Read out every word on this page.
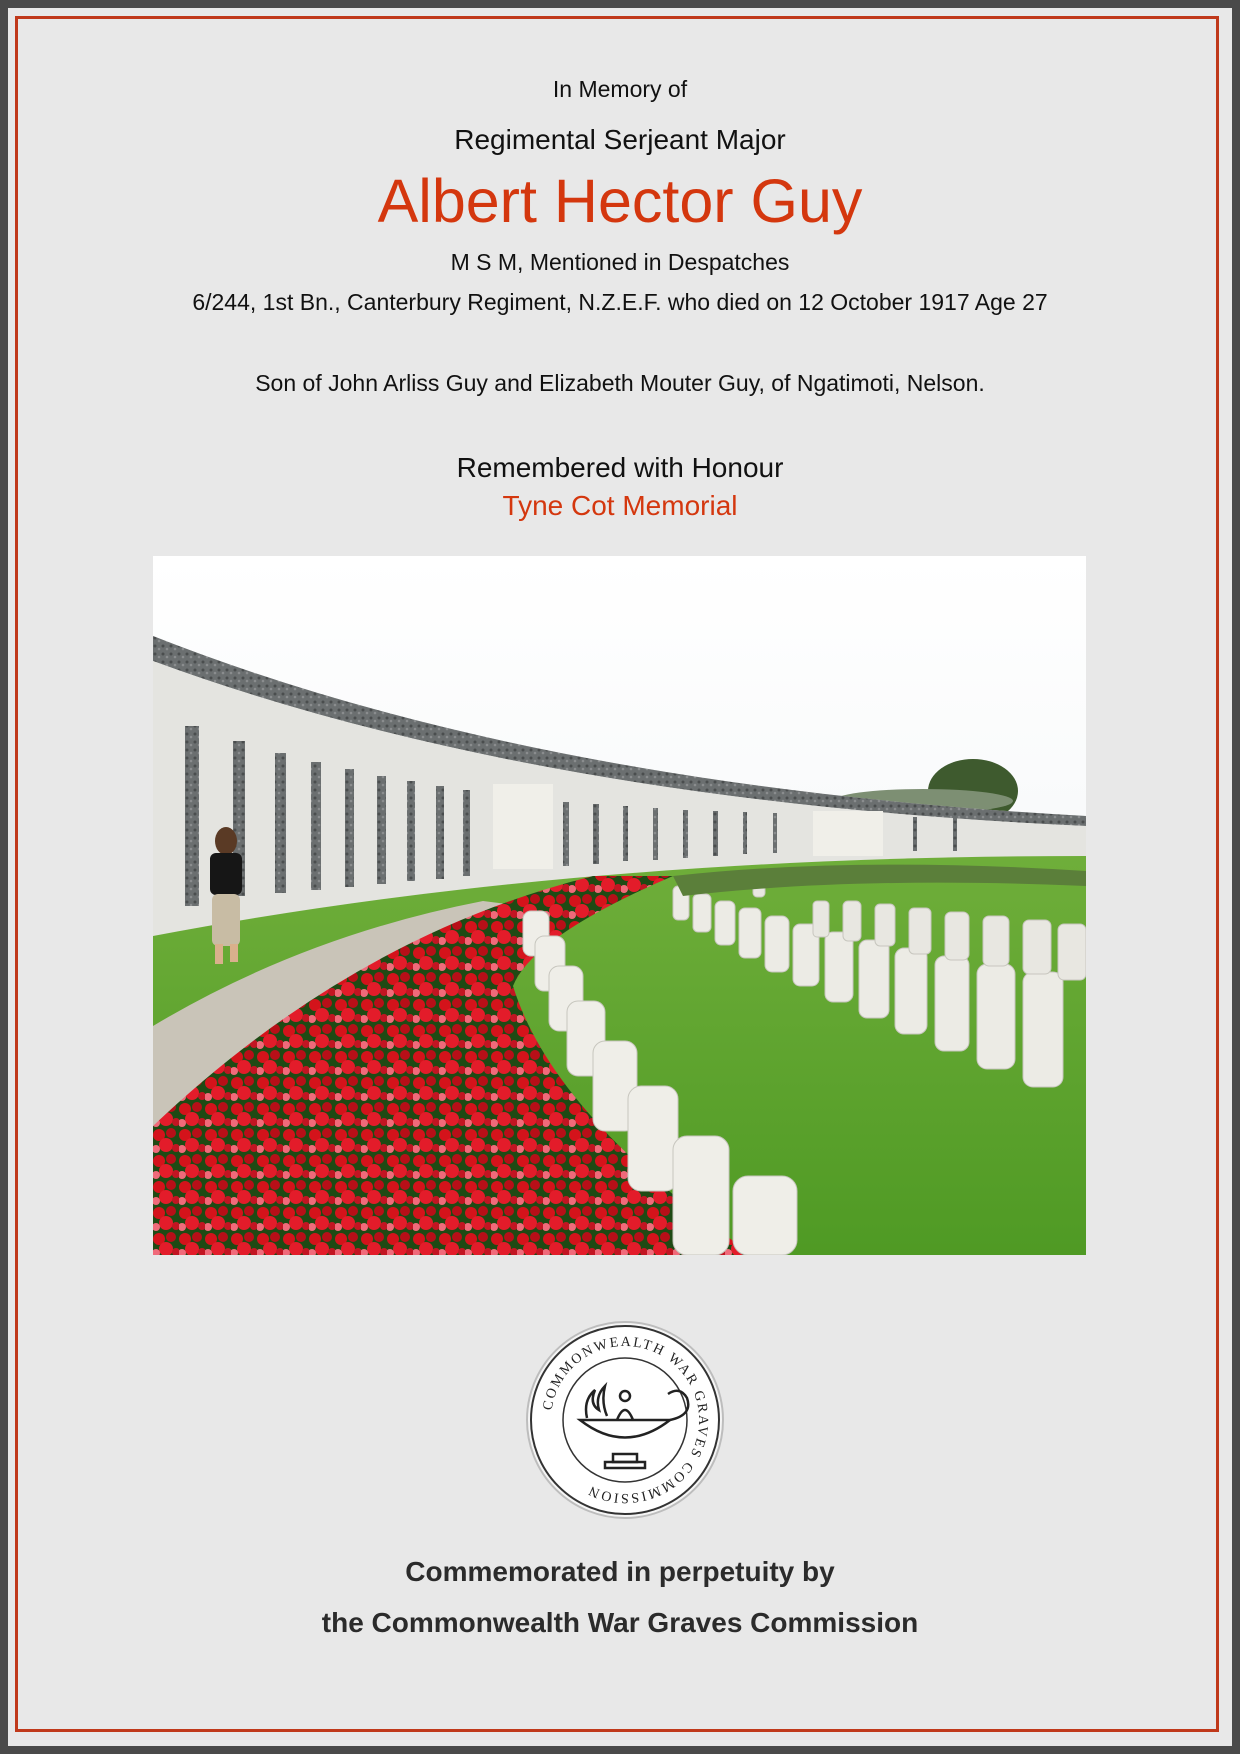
In Memory of
Regimental Serjeant Major
Albert Hector Guy
M S M, Mentioned in Despatches
6/244, 1st Bn., Canterbury Regiment, N.Z.E.F. who died on 12 October 1917 Age 27
Son of John Arliss Guy and Elizabeth Mouter Guy, of Ngatimoti, Nelson.
Remembered with Honour
Tyne Cot Memorial
COMMONWEALTH WAR GRAVES COMMISSION
Commemorated in perpetuity by
the Commonwealth War Graves Commission
